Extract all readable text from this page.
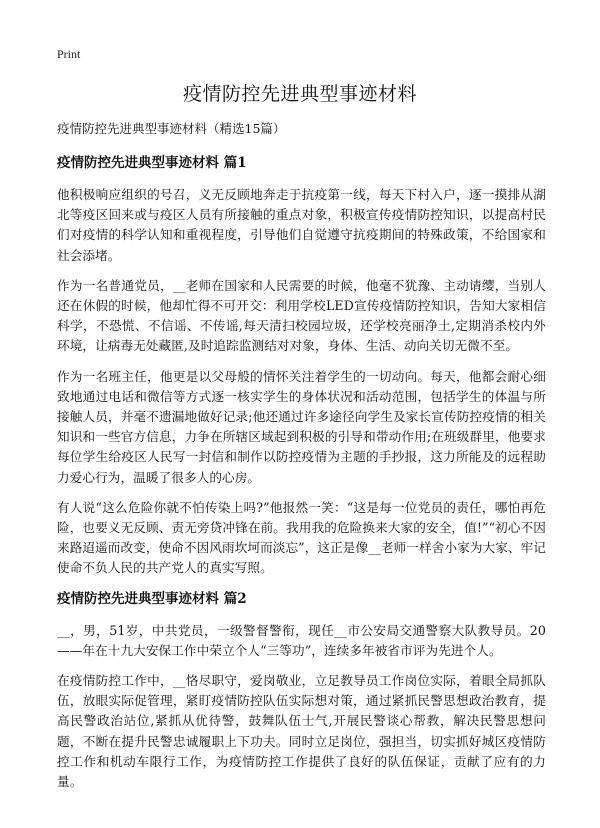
Print
疫情防控先进典型事迹材料

疫情防控先进典型事迹材料（精选15篇）

疫情防控先进典型事迹材料 篇1

他积极响应组织的号召，义无反顾地奔走于抗疫第一线，每天下村入户，逐一摸排从湖北等疫区回来或与疫区人员有所接触的重点对象，积极宣传疫情防控知识，以提高村民们对疫情的科学认知和重视程度，引导他们自觉遵守抗疫期间的特殊政策，不给国家和社会添堵。

作为一名普通党员，__老师在国家和人民需要的时候，他毫不犹豫、主动请缨，当别人还在休假的时候，他却忙得不可开交：利用学校LED宣传疫情防控知识，告知大家相信科学，不恐慌、不信谣、不传谣,每天清扫校园垃圾，还学校亮丽净土,定期消杀校内外环境，让病毒无处藏匿,及时追踪监测结对对象，身体、生活、动向关切无微不至。

作为一名班主任，他更是以父母般的情怀关注着学生的一切动向。每天，他都会耐心细致地通过电话和微信等方式逐一核实学生的身体状况和活动范围，包括学生的体温与所接触人员，并毫不遗漏地做好记录;他还通过许多途径向学生及家长宣传防控疫情的相关知识和一些官方信息，力争在所辖区域起到积极的引导和带动作用;在班级群里，他要求每位学生给疫区人民写一封信和制作以防控疫情为主题的手抄报，这力所能及的远程助力爱心行为，温暖了很多人的心房。

有人说“这么危险你就不怕传染上吗?”他报然一笑：“这是每一位党员的责任，哪怕再危险，也要义无反顾、责无旁贷冲锋在前。我用我的危险换来大家的安全，值!”“初心不因来路迢遥而改变，使命不因风雨坎坷而淡忘”，这正是像__老师一样舍小家为大家、牢记使命不负人民的共产党人的真实写照。

疫情防控先进典型事迹材料 篇2

__，男，51岁，中共党员，一级警督警衔，现任__市公安局交通警察大队教导员。20——年在十九大安保工作中荣立个人“三等功”，连续多年被省市评为先进个人。

在疫情防控工作中，__恪尽职守，爱岗敬业，立足教导员工作岗位实际，着眼全局抓队伍，放眼实际促管理，紧盯疫情防控队伍实际想对策，通过紧抓民警思想政治教育，提高民警政治站位,紧抓从优待警，鼓舞队伍士气,开展民警谈心帮教，解决民警思想问题，不断在提升民警忠诚履职上下功夫。同时立足岗位，强担当，切实抓好城区疫情防控工作和机动车限行工作，为疫情防控工作提供了良好的队伍保证，贡献了应有的力量。
